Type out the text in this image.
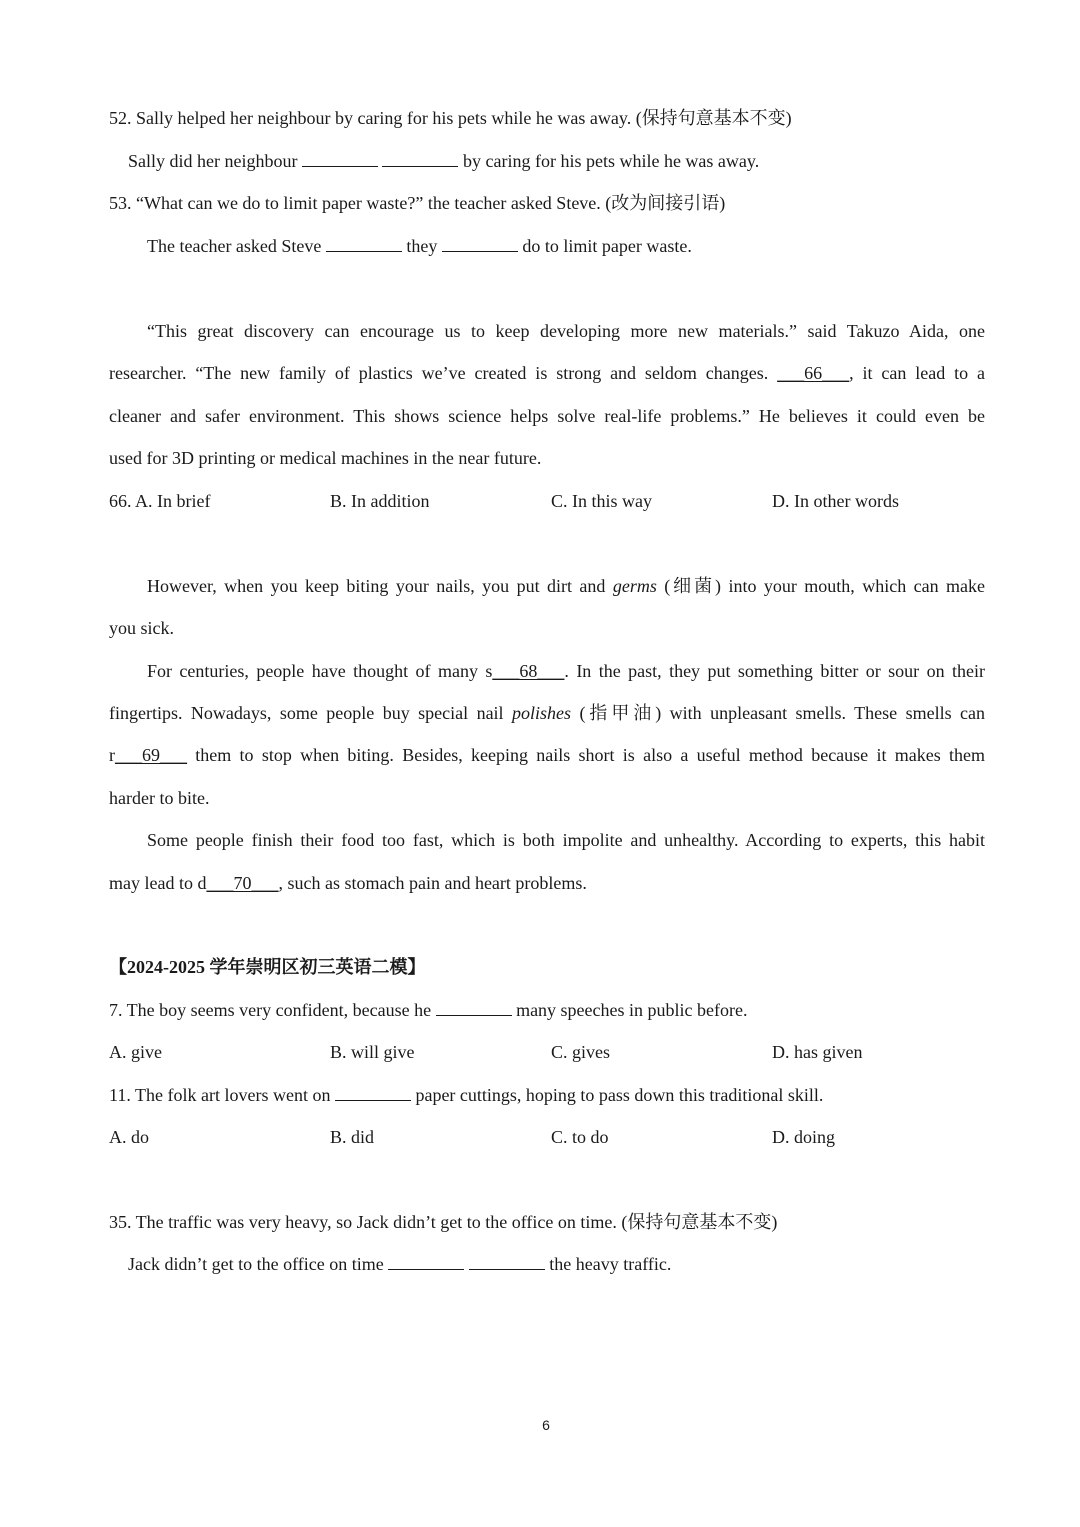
52. Sally helped her neighbour by caring for his pets while he was away. (保持句意基本不变)
Sally did her neighbour	by caring for his pets while he was away.
53. “What can we do to limit paper waste?” the teacher asked Steve. (改为间接引语)
The teacher asked Steve	they	do to limit paper waste.
“This great discovery can encourage us to keep developing more new materials.” said Takuzo Aida, one
researcher. “The new family of plastics we’ve created is strong and seldom changes. ___66___, it can lead to a
cleaner and safer environment. This shows science helps solve real-life problems.” He believes it could even be
used for 3D printing or medical machines in the near future.
66. A. In brief	B. In addition	C. In this way	D. In other words
However, when you keep biting your nails, you put dirt and germs (细菌) into your mouth, which can make
you sick.
For centuries, people have thought of many s___68___. In the past, they put something bitter or sour on their
fingertips. Nowadays, some people buy special nail polishes (指甲油) with unpleasant smells. These smells can
r___69___ them to stop when biting. Besides, keeping nails short is also a useful method because it makes them
harder to bite.
Some people finish their food too fast, which is both impolite and unhealthy. According to experts, this habit
may lead to d___70___, such as stomach pain and heart problems.
【2024-2025 学年崇明区初三英语二模】
7. The boy seems very confident, because he	many speeches in public before.
A. give	B. will give	C. gives	D. has given
11. The folk art lovers went on	paper cuttings, hoping to pass down this traditional skill.
A. do	B. did	C. to do	D. doing
35. The traffic was very heavy, so Jack didn’t get to the office on time. (保持句意基本不变)
Jack didn’t get to the office on time	the heavy traffic.
6
